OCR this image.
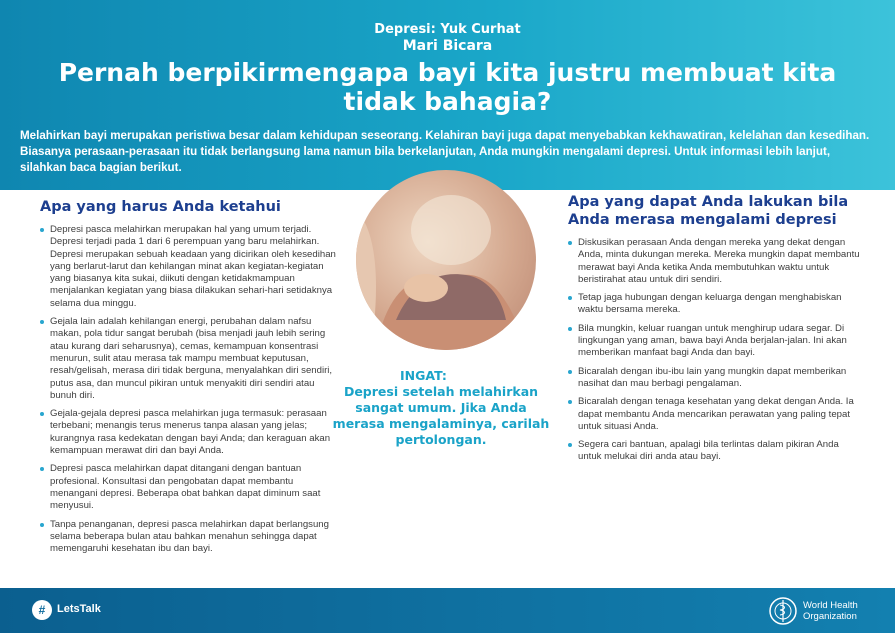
Depresi: Yuk Curhat
Mari Bicara
Pernah berpikirmengapa bayi kita justru membuat kita tidak bahagia?
Melahirkan bayi merupakan peristiwa besar dalam kehidupan seseorang. Kelahiran bayi juga dapat menyebabkan kekhawatiran, kelelahan dan kesedihan. Biasanya perasaan-perasaan itu tidak berlangsung lama namun bila berkelanjutan, Anda mungkin mengalami depresi. Untuk informasi lebih lanjut, silahkan baca bagian berikut.
Apa yang harus Anda ketahui
Depresi pasca melahirkan merupakan hal yang umum terjadi. Depresi terjadi pada 1 dari 6 perempuan yang baru melahirkan. Depresi merupakan sebuah keadaan yang dicirikan oleh kesedihan yang berlarut-larut dan kehilangan minat akan kegiatan-kegiatan yang biasanya kita sukai, diikuti dengan ketidakmampuan menjalankan kegiatan yang biasa dilakukan sehari-hari setidaknya selama dua minggu.
Gejala lain adalah kehilangan energi, perubahan dalam nafsu makan, pola tidur sangat berubah (bisa menjadi jauh lebih sering atau kurang dari seharusnya), cemas, kemampuan konsentrasi menurun, sulit atau merasa tak mampu membuat keputusan, resah/gelisah, merasa diri tidak berguna, menyalahkan diri sendiri, putus asa, dan muncul pikiran untuk menyakiti diri sendiri atau bunuh diri.
Gejala-gejala depresi pasca melahirkan juga termasuk: perasaan terbebani; menangis terus menerus tanpa alasan yang jelas; kurangnya rasa kedekatan dengan bayi Anda; dan keraguan akan kemampuan merawat diri dan bayi Anda.
Depresi pasca melahirkan dapat ditangani dengan bantuan profesional. Konsultasi dan pengobatan dapat membantu menangani depresi. Beberapa obat bahkan dapat diminum saat menyusui.
Tanpa penanganan, depresi pasca melahirkan dapat berlangsung selama beberapa bulan atau bahkan menahun sehingga dapat memengaruhi kesehatan ibu dan bayi.
INGAT:
Depresi setelah melahirkan sangat umum. Jika Anda merasa mengalaminya, carilah pertolongan.
Apa yang dapat Anda lakukan bila Anda merasa mengalami depresi
Diskusikan perasaan Anda dengan mereka yang dekat dengan Anda, minta dukungan mereka. Mereka mungkin dapat membantu merawat bayi Anda ketika Anda membutuhkan waktu untuk beristirahat atau untuk diri sendiri.
Tetap jaga hubungan dengan keluarga dengan menghabiskan waktu bersama mereka.
Bila mungkin, keluar ruangan untuk menghirup udara segar. Di lingkungan yang aman, bawa bayi Anda berjalan-jalan. Ini akan memberikan manfaat bagi Anda dan bayi.
Bicaralah dengan ibu-ibu lain yang mungkin dapat memberikan nasihat dan mau berbagi pengalaman.
Bicaralah dengan tenaga kesehatan yang dekat dengan Anda. Ia dapat membantu Anda mencarikan perawatan yang paling tepat untuk situasi Anda.
Segera cari bantuan, apalagi bila terlintas dalam pikiran Anda untuk melukai diri anda atau bayi.
#	LetsTalk	World Health
Organization
